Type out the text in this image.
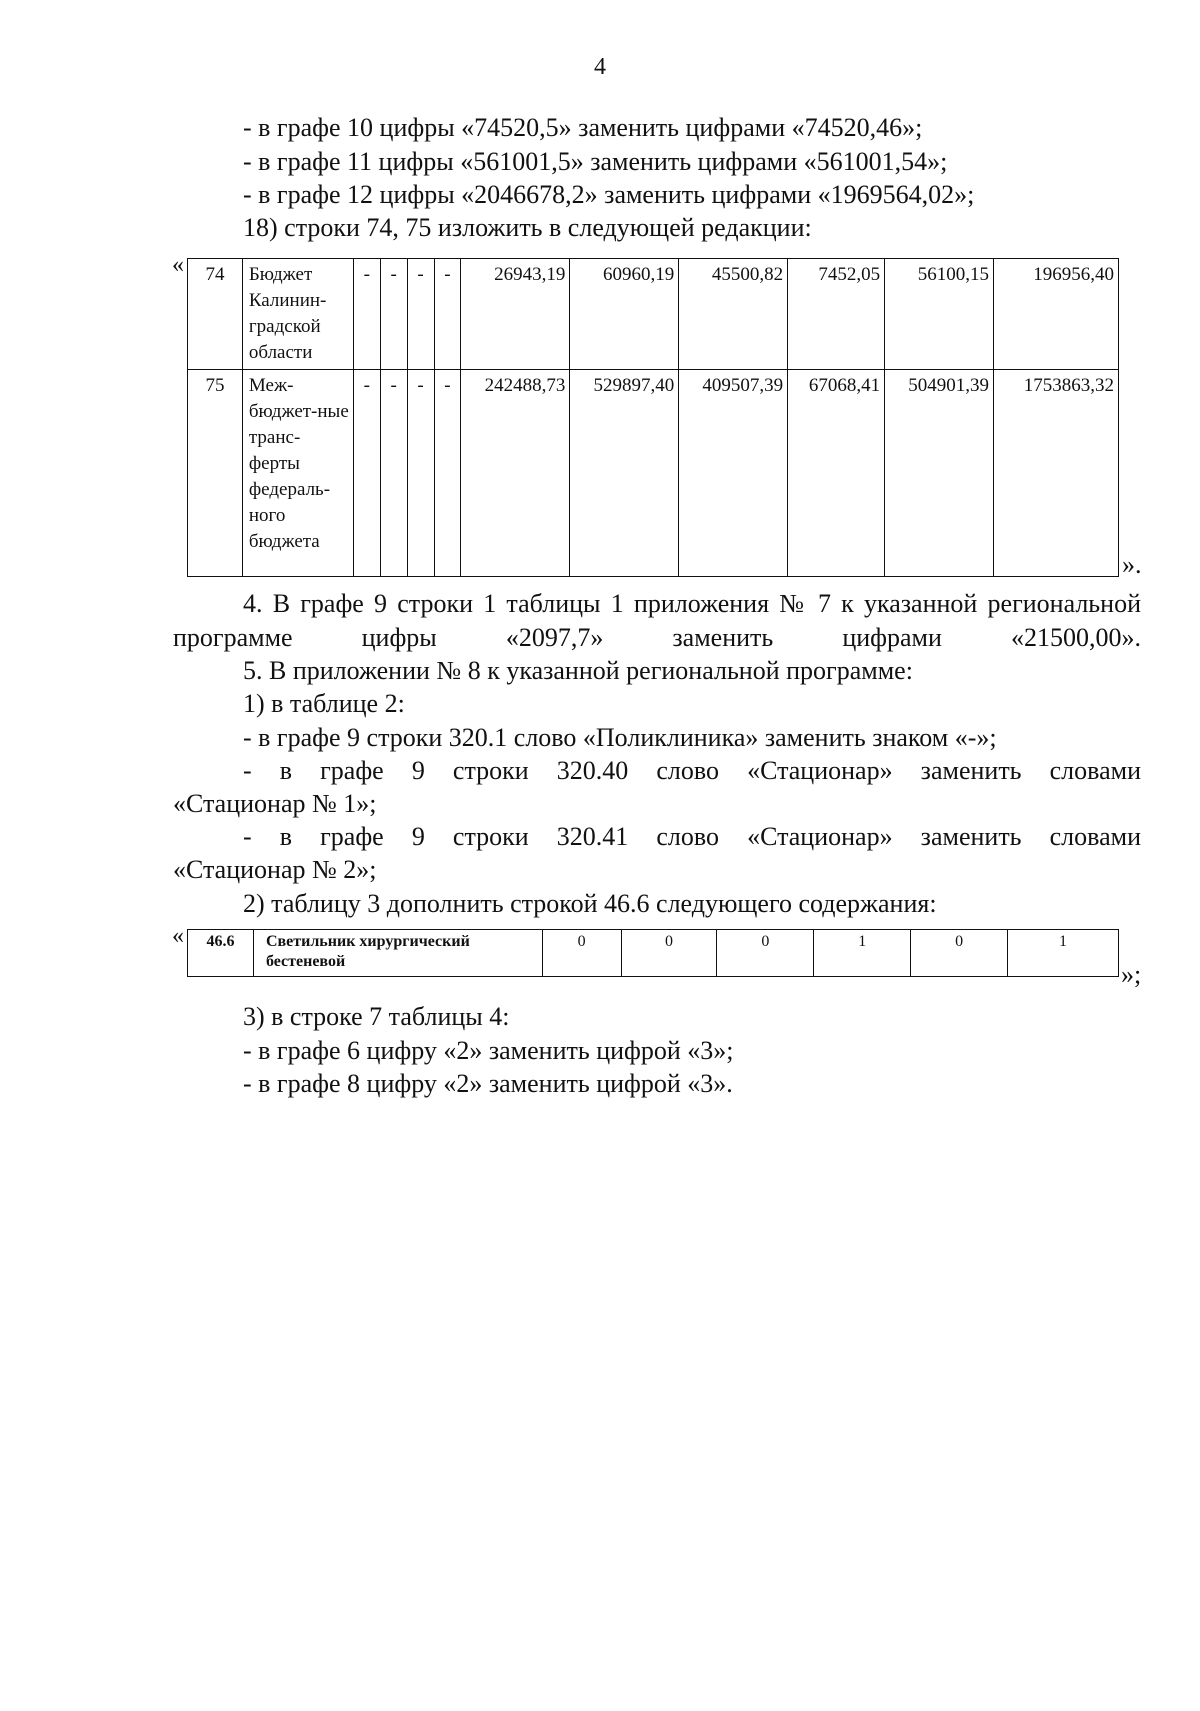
4
- в графе 10 цифры «74520,5» заменить цифрами «74520,46»;
- в графе 11 цифры «561001,5» заменить цифрами «561001,54»;
- в графе 12 цифры «2046678,2» заменить цифрами «1969564,02»;
18) строки 74, 75 изложить в следующей редакции:
« 74	Бюджет Калинин-градской области	-	-	-	-	26943,19	60960,19	45500,82	7452,05	56100,15	196956,40
75	Меж-бюджет-ные транс-ферты федераль-ного бюджета	-	-	-	-	242488,73	529897,40	409507,39	67068,41	504901,39	1753863,32
».
4. В графе 9 строки 1 таблицы 1 приложения № 7 к указанной региональной программе цифры «2097,7» заменить цифрами «21500,00».
5. В приложении № 8 к указанной региональной программе:
1) в таблице 2:
- в графе 9 строки 320.1 слово «Поликлиника» заменить знаком «-»;
- в графе 9 строки 320.40 слово «Стационар» заменить словами
«Стационар № 1»;
- в графе 9 строки 320.41 слово «Стационар» заменить словами
«Стационар № 2»;
2) таблицу 3 дополнить строкой 46.6 следующего содержания:
« 46.6	Светильник хирургический бестеневой	0	0	0	1	0	1
»;
3) в строке 7 таблицы 4:
- в графе 6 цифру «2» заменить цифрой «3»;
- в графе 8 цифру «2» заменить цифрой «3».
